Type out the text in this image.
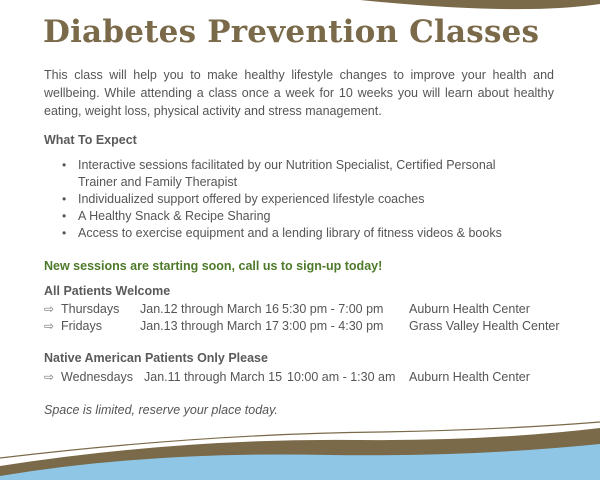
Diabetes Prevention Classes

This class will help you to make healthy lifestyle changes to improve your health and wellbeing. While attending a class once a week for 10 weeks you will learn about healthy eating, weight loss, physical activity and stress management.

What To Expect
• Interactive sessions facilitated by our Nutrition Specialist, Certified Personal Trainer and Family Therapist
• Individualized support offered by experienced lifestyle coaches
• A Healthy Snack & Recipe Sharing
• Access to exercise equipment and a lending library of fitness videos & books

New sessions are starting soon, call us to sign-up today!

All Patients Welcome
⇨ Thursdays Jan.12 through March 16 5:30 pm - 7:00 pm Auburn Health Center
⇨ Fridays	Jan.13 through March 17 3:00 pm - 4:30 pm Grass Valley Health Center
Native American Patients Only Please
⇨ Wednesdays Jan.11 through March 15 10:00 am - 1:30 am Auburn Health Center

Space is limited, reserve your place today.
